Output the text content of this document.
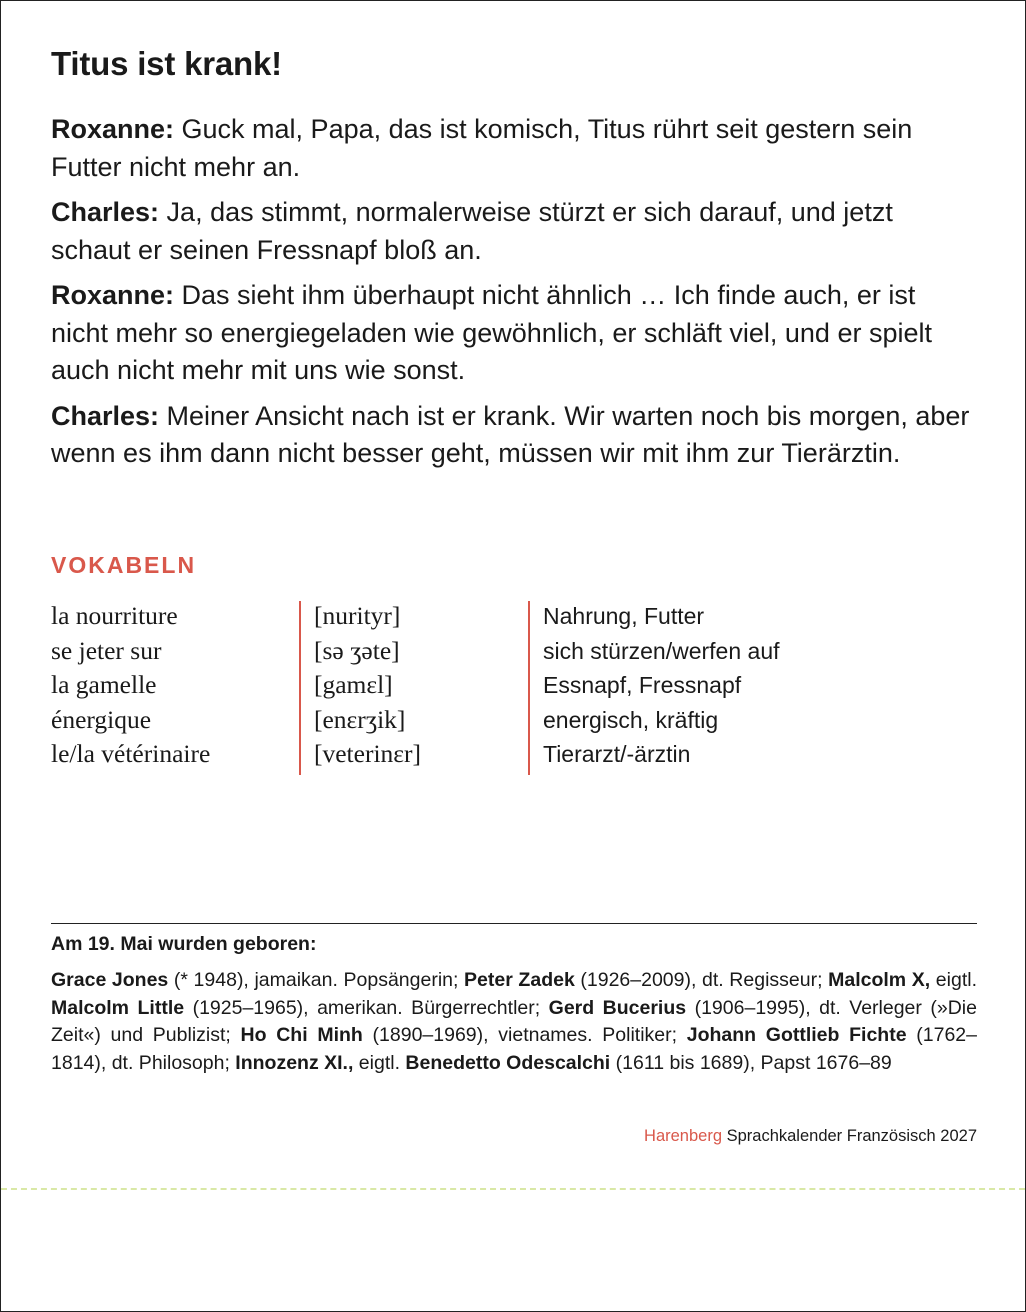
Titus ist krank!

Roxanne: Guck mal, Papa, das ist komisch, Titus rührt seit gestern sein Futter nicht mehr an.

Charles: Ja, das stimmt, normalerweise stürzt er sich darauf, und jetzt schaut er seinen Fressnapf bloß an.

Roxanne: Das sieht ihm überhaupt nicht ähnlich … Ich finde auch, er ist nicht mehr so energiegeladen wie gewöhnlich, er schläft viel, und er spielt auch nicht mehr mit uns wie sonst.

Charles: Meiner Ansicht nach ist er krank. Wir warten noch bis morgen, aber wenn es ihm dann nicht besser geht, müssen wir mit ihm zur Tierärztin.

VOKABELN
la nourriture
se jeter sur
la gamelle
énergique
le/la vétérinaire
[nurityr]
[sə ʒəte]
[gamɛl]
[enɛrʒik]
[veterinɛr]
Nahrung, Futter
sich stürzen/werfen auf
Essnapf, Fressnapf
energisch, kräftig
Tierarzt/-ärztin
Am 19. Mai wurden geboren:

Grace Jones (* 1948), jamaikan. Popsängerin; Peter Zadek (1926–2009), dt. Regisseur; Malcolm X, eigtl. Malcolm Little (1925–1965), amerikan. Bürgerrechtler; Gerd Bucerius (1906–1995), dt. Verleger (»Die Zeit«) und Publizist; Ho Chi Minh (1890–1969), vietnames. Politiker; Johann Gottlieb Fichte (1762–1814), dt. Philosoph; Innozenz XI., eigtl. Benedetto Odescalchi (1611 bis 1689), Papst 1676–89

Harenberg Sprachkalender Französisch 2027
